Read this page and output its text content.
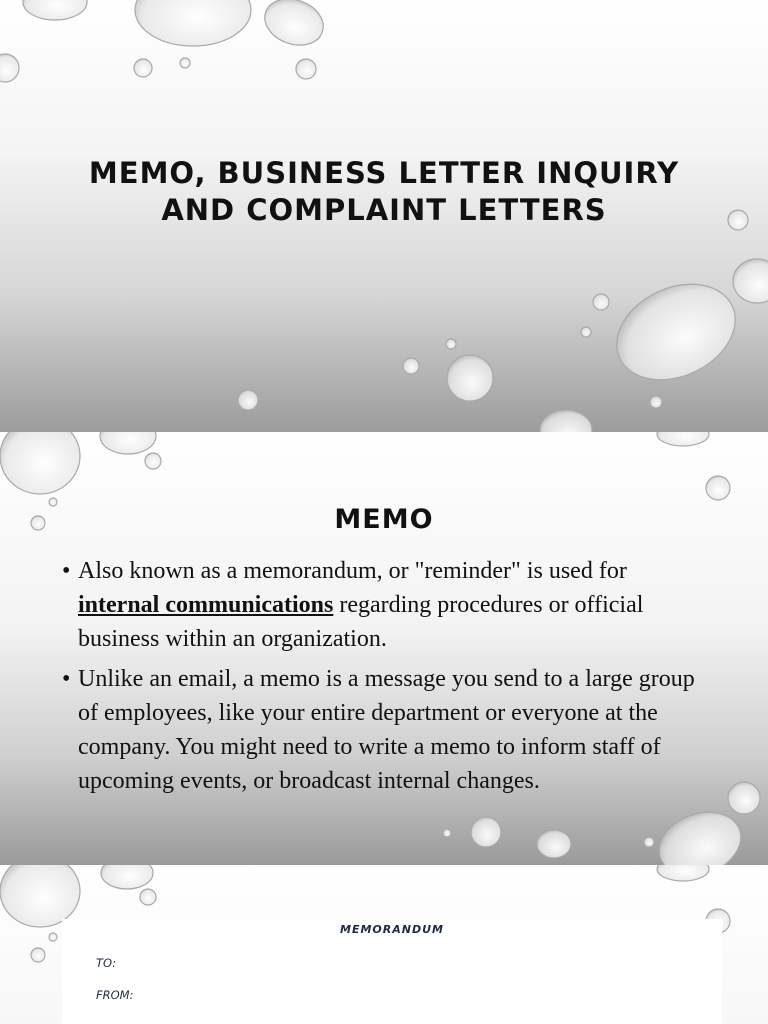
MEMO, BUSINESS LETTER INQUIRY
AND COMPLAINT LETTERS
MEMO
• Also known as a memorandum, or "reminder" is used for internal communications regarding procedures or official business within an organization.
• Unlike an email, a memo is a message you send to a large group of employees, like your entire department or everyone at the company. You might need to write a memo to inform staff of upcoming events, or broadcast internal changes.
MEMORANDUM
TO:
FROM:
